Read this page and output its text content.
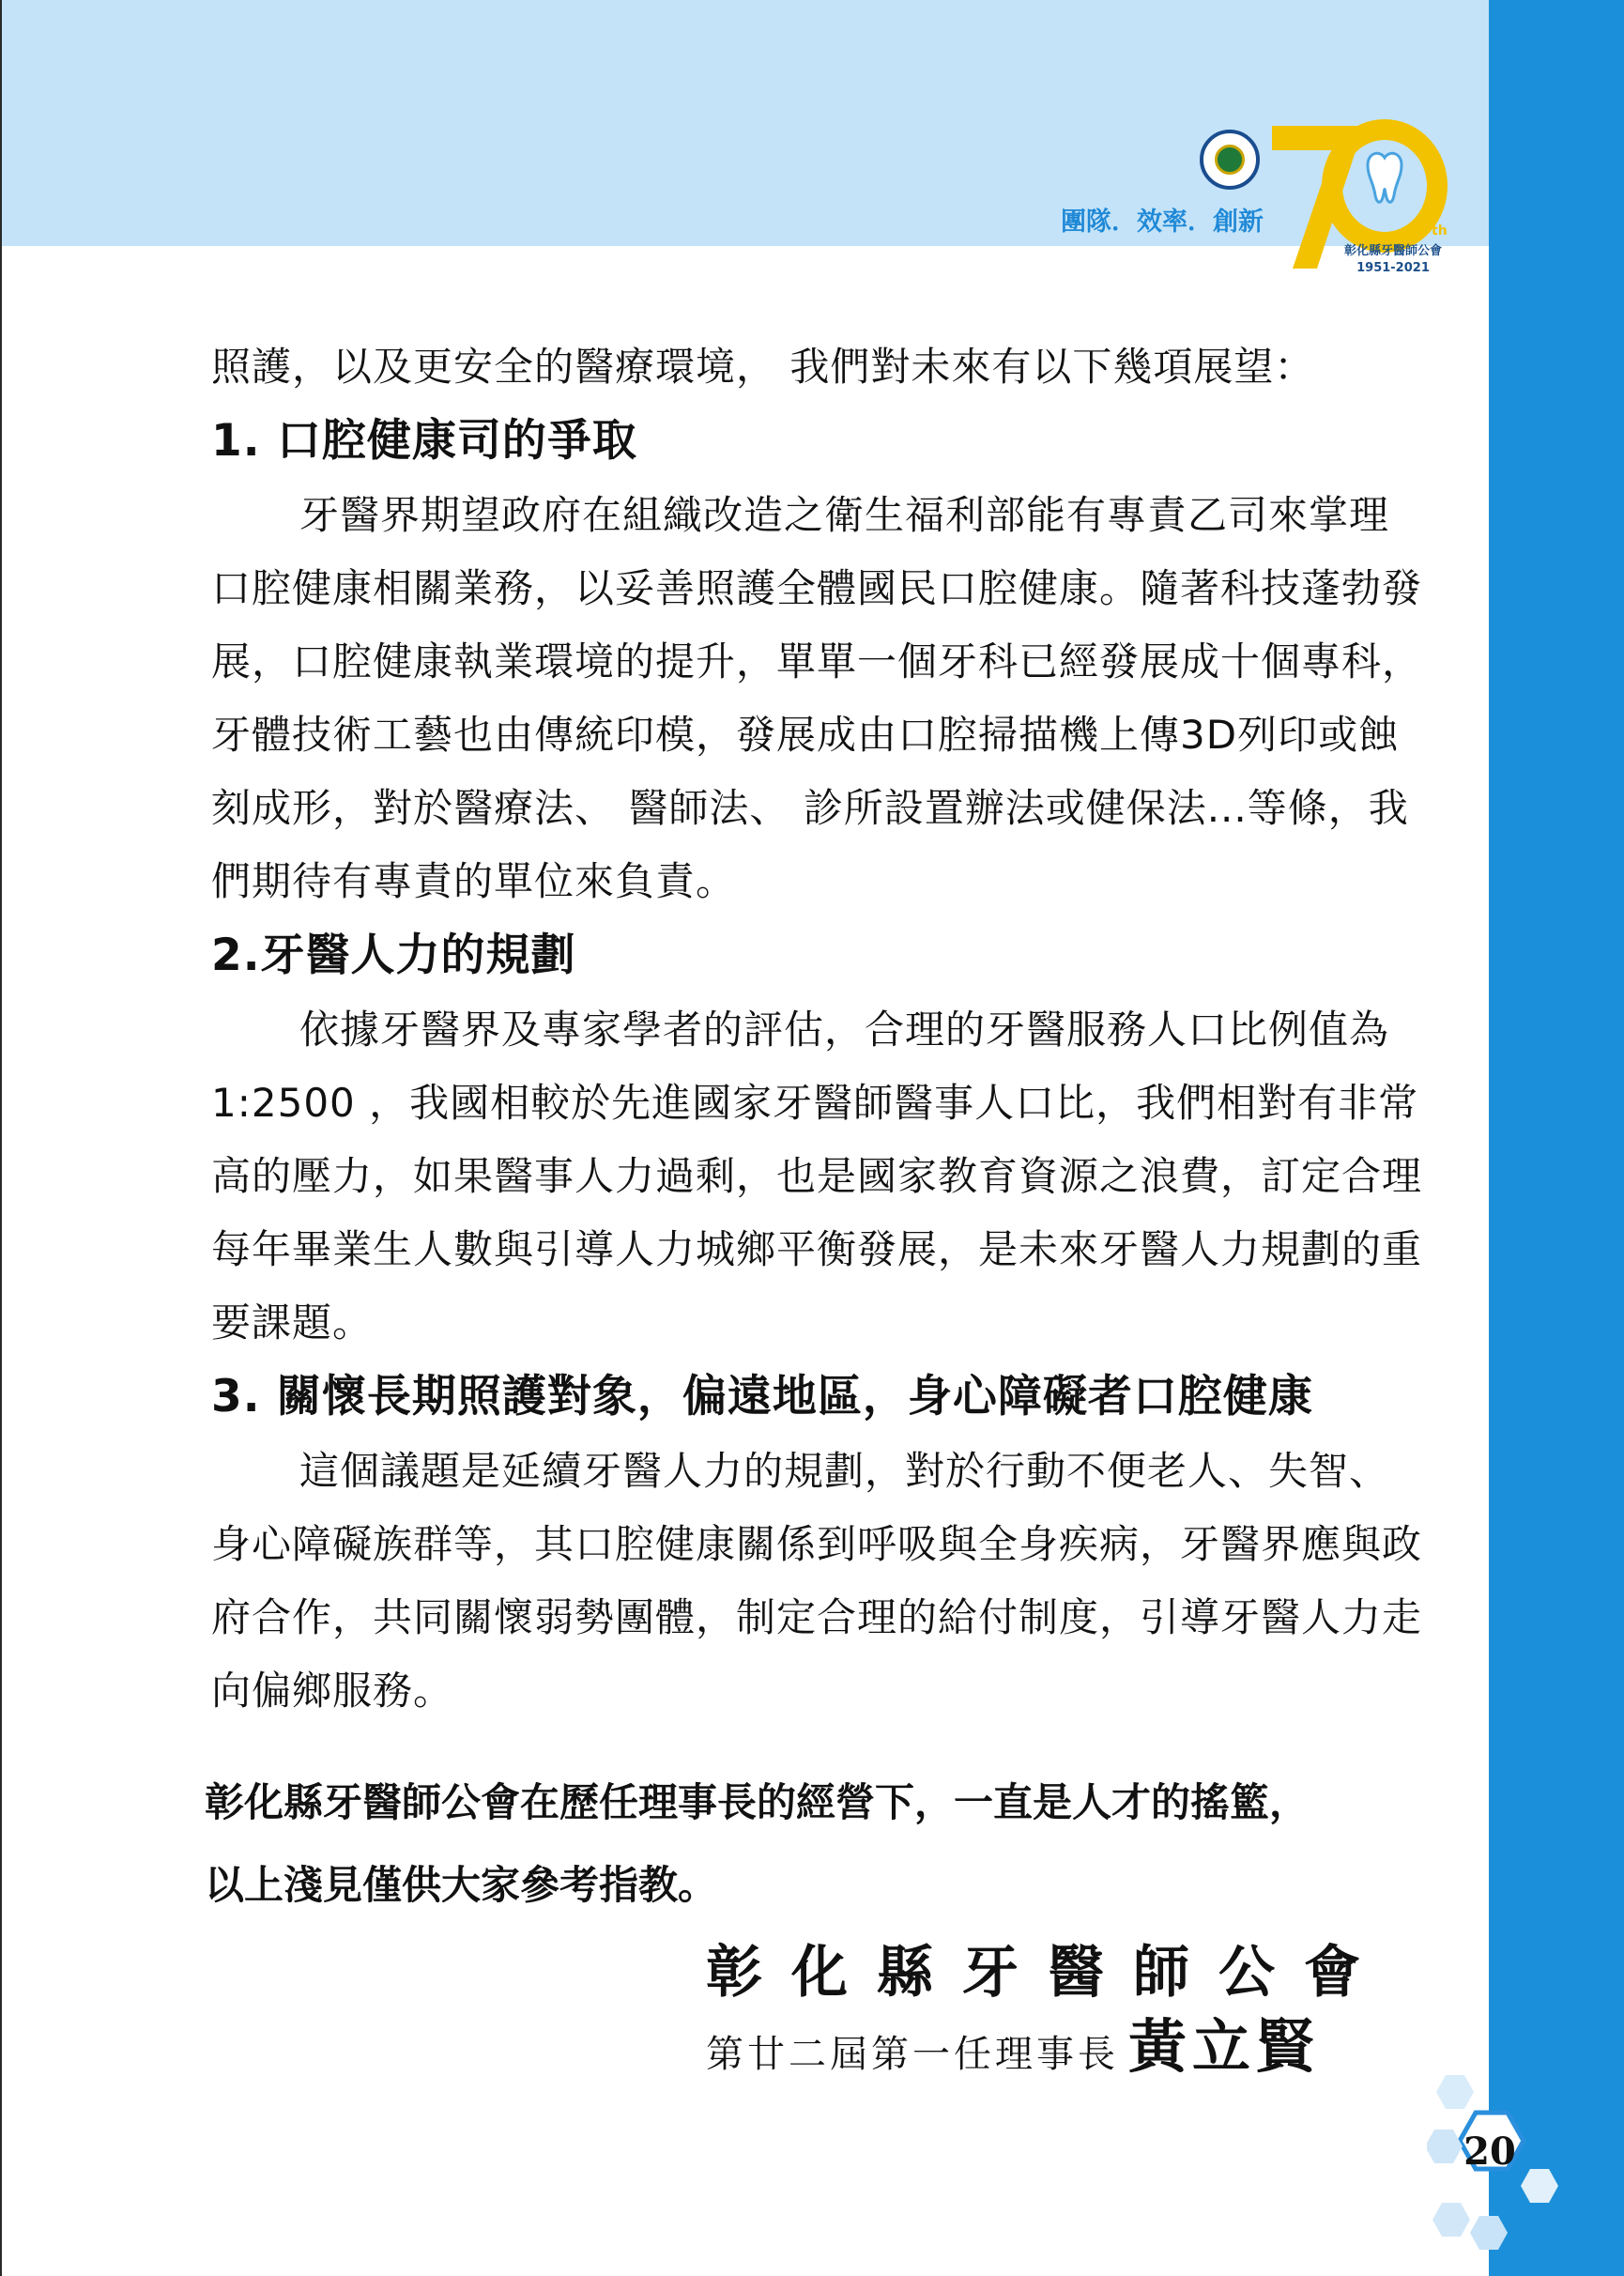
團隊．效率．創新	th
彰化縣牙醫師公會
1951-2021

照護，以及更安全的醫療環境， 我們對未來有以下幾項展望：

1. 口腔健康司的爭取

牙醫界期望政府在組織改造之衛生福利部能有專責乙司來掌理口腔健康相關業務，以妥善照護全體國民口腔健康。隨著科技蓬勃發展，口腔健康執業環境的提升，單單一個牙科已經發展成十個專科，牙體技術工藝也由傳統印模，發展成由口腔掃描機上傳3D列印或蝕刻成形，對於醫療法、 醫師法、 診所設置辦法或健保法...等條，我們期待有專責的單位來負責。

2.牙醫人力的規劃

依據牙醫界及專家學者的評估，合理的牙醫服務人口比例值為 1:2500 ，我國相較於先進國家牙醫師醫事人口比，我們相對有非常高的壓力，如果醫事人力過剩，也是國家教育資源之浪費，訂定合理每年畢業生人數與引導人力城鄉平衡發展，是未來牙醫人力規劃的重要課題。

3. 關懷長期照護對象，偏遠地區，身心障礙者口腔健康

這個議題是延續牙醫人力的規劃，對於行動不便老人、失智、 身心障礙族群等，其口腔健康關係到呼吸與全身疾病，牙醫界應與政府合作，共同關懷弱勢團體，制定合理的給付制度，引導牙醫人力走向偏鄉服務。

彰化縣牙醫師公會在歷任理事長的經營下，一直是人才的搖籃，

以上淺見僅供大家參考指教。

彰化縣牙醫師公會
第廿二屆第一任理事長 黃立賢
20
